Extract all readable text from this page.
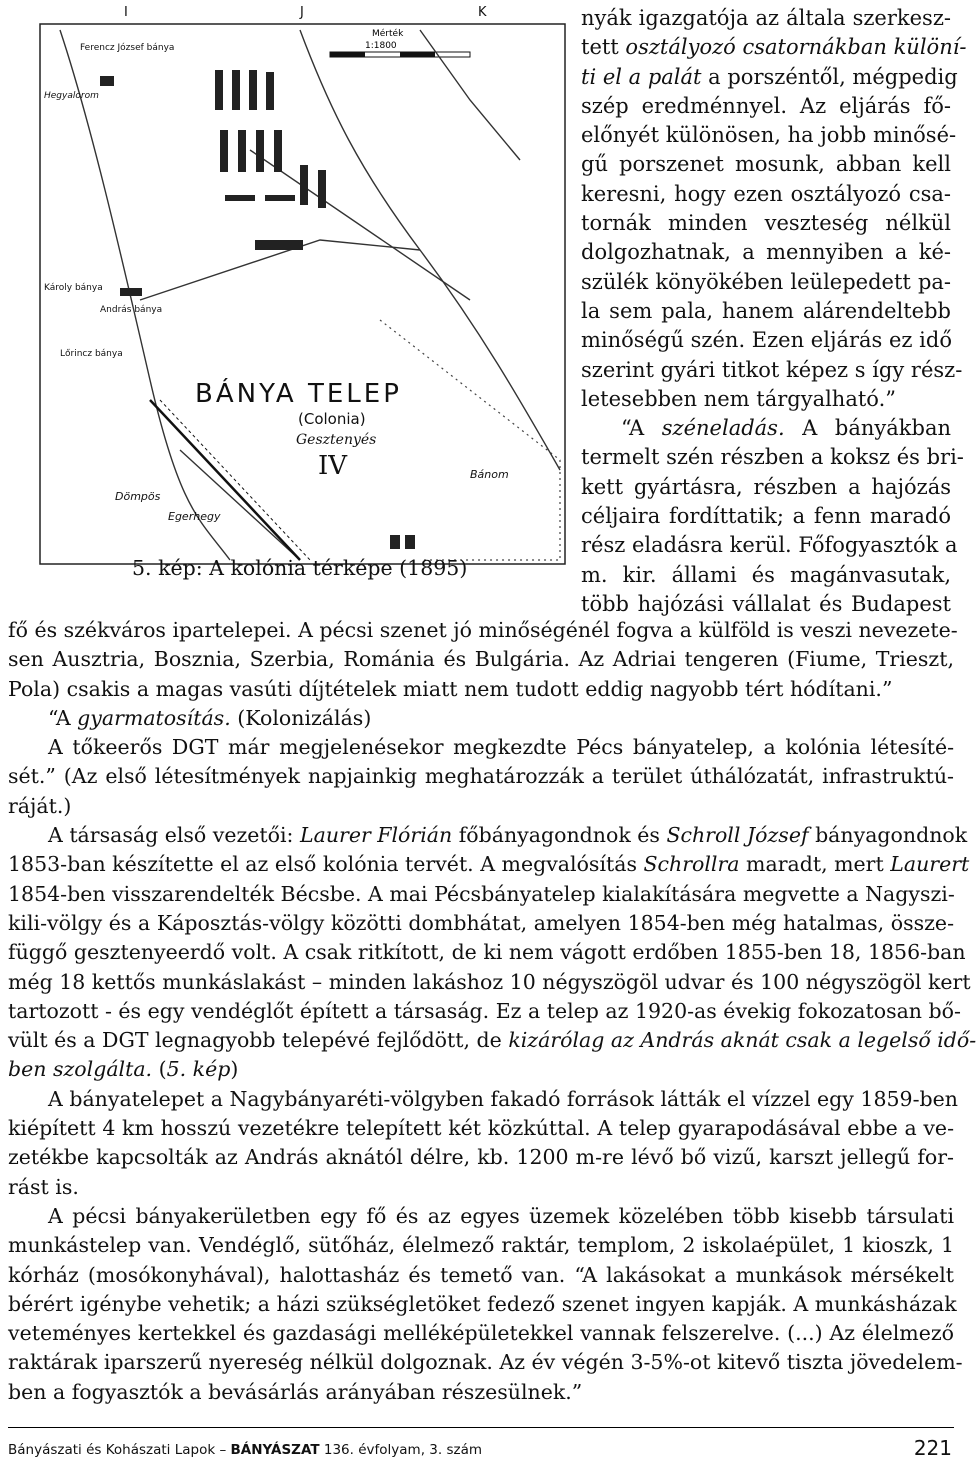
I	J	K
Mérték
1:1800
Ferencz József bánya
Hegyalorom
Károly bánya
András bánya
Lőrincz bánya
Bánom
Egerhegy
Dömpös
BÁNYA TELEP
(Colonia)
Gesztenyés
IV
5. kép: A kolónia térképe (1895)
nyák igazgatója az általa szerkesz-
tett osztályozó csatornákban különí-
ti el a palát a porszéntől, mégpedig
szép eredménnyel. Az eljárás fő-
előnyét különösen, ha jobb minősé-
gű porszenet mosunk, abban kell
keresni, hogy ezen osztályozó csa-
tornák minden veszteség nélkül
dolgozhatnak, a mennyiben a ké-
szülék könyökében leülepedett pa-
la sem pala, hanem alárendeltebb
minőségű szén. Ezen eljárás ez idő
szerint gyári titkot képez s így rész-
letesebben nem tárgyalható.”
“A széneladás. A bányákban
termelt szén részben a koksz és bri-
kett gyártásra, részben a hajózás
céljaira fordíttatik; a fenn maradó
rész eladásra kerül. Főfogyasztók a
m. kir. állami és magánvasutak,
több hajózási vállalat és Budapest
fő és székváros ipartelepei. A pécsi szenet jó minőségénél fogva a külföld is veszi nevezete-
sen Ausztria, Bosznia, Szerbia, Románia és Bulgária. Az Adriai tengeren (Fiume, Trieszt,
Pola) csakis a magas vasúti díjtételek miatt nem tudott eddig nagyobb tért hódítani.”
“A gyarmatosítás. (Kolonizálás)
A tőkeerős DGT már megjelenésekor megkezdte Pécs bányatelep, a kolónia létesíté-
sét.” (Az első létesítmények napjainkig meghatározzák a terület úthálózatát, infrastruktú-
ráját.)
A társaság első vezetői: Laurer Flórián főbányagondnok és Schroll József bányagondnok
1853-ban készítette el az első kolónia tervét. A megvalósítás Schrollra maradt, mert Laurert
1854-ben visszarendelték Bécsbe. A mai Pécsbányatelep kialakítására megvette a Nagyszi-
kili-völgy és a Káposztás-völgy közötti dombhátat, amelyen 1854-ben még hatalmas, össze-
függő gesztenyeerdő volt. A csak ritkított, de ki nem vágott erdőben 1855-ben 18, 1856-ban
még 18 kettős munkáslakást – minden lakáshoz 10 négyszögöl udvar és 100 négyszögöl kert
tartozott - és egy vendéglőt épített a társaság. Ez a telep az 1920-as évekig fokozatosan bő-
vült és a DGT legnagyobb telepévé fejlődött, de kizárólag az András aknát csak a legelső idő-
ben szolgálta. (5. kép)
A bányatelepet a Nagybányaréti-völgyben fakadó források látták el vízzel egy 1859-ben
kiépített 4 km hosszú vezetékre telepített két közkúttal. A telep gyarapodásával ebbe a ve-
zetékbe kapcsolták az András aknától délre, kb. 1200 m-re lévő bő vizű, karszt jellegű for-
rást is.
A pécsi bányakerületben egy fő és az egyes üzemek közelében több kisebb társulati
munkástelep van. Vendéglő, sütőház, élelmező raktár, templom, 2 iskolaépület, 1 kioszk, 1
kórház (mosókonyhával), halottasház és temető van. “A lakásokat a munkások mérsékelt
bérért igénybe vehetik; a házi szükségletöket fedező szenet ingyen kapják. A munkásházak
veteményes kertekkel és gazdasági melléképületekkel vannak felszerelve. (...) Az élelmező
raktárak iparszerű nyereség nélkül dolgoznak. Az év végén 3-5%-ot kitevő tiszta jövedelem-
ben a fogyasztók a bevásárlás arányában részesülnek.”
Bányászati és Kohászati Lapok – BÁNYÁSZAT 136. évfolyam, 3. szám	221
